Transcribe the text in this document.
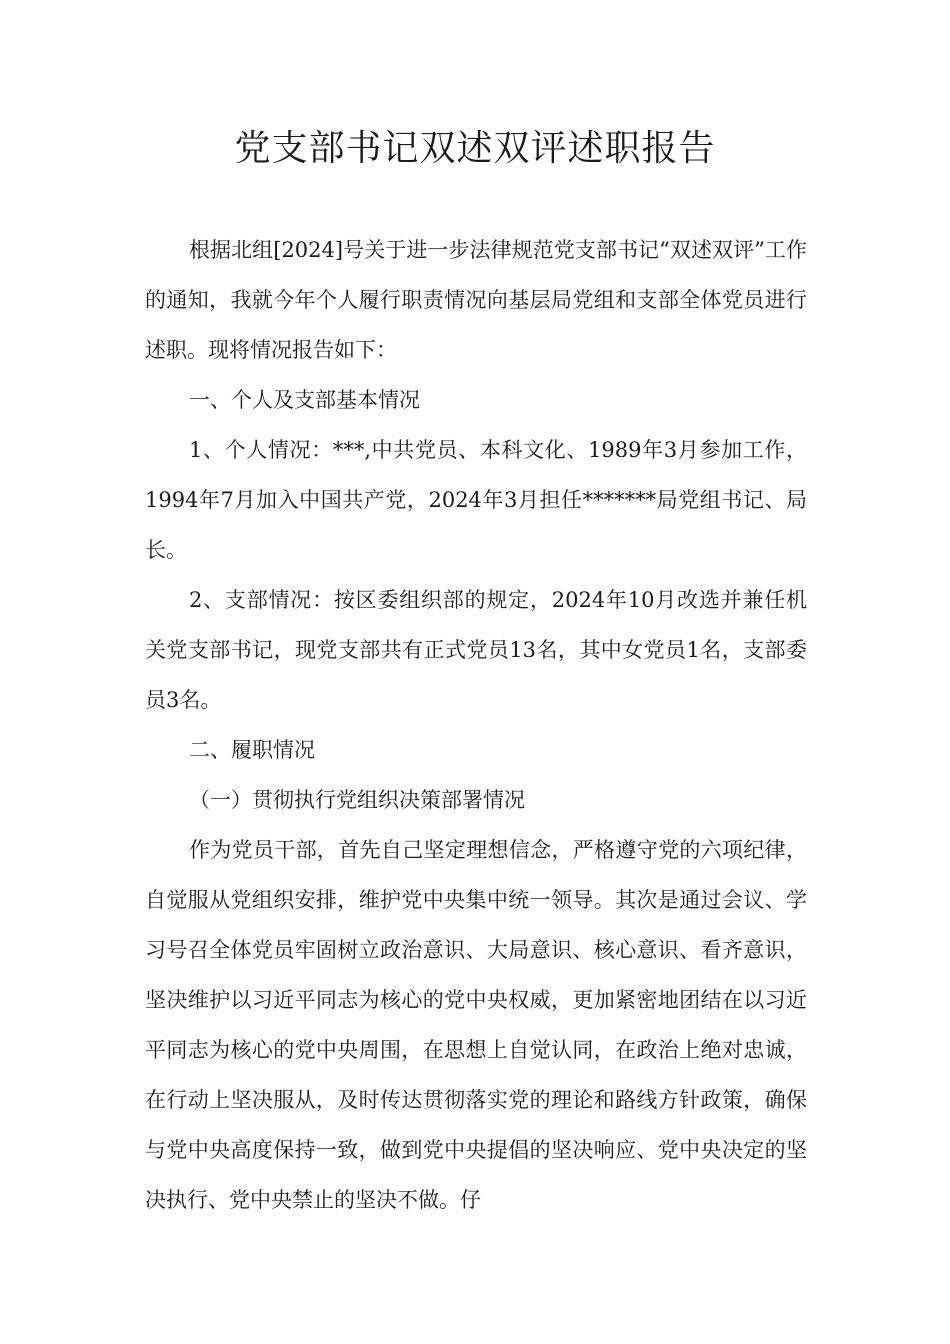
党支部书记双述双评述职报告

根据北组[2024]号关于进一步法律规范党支部书记“双述双评”工作的通知，我就今年个人履行职责情况向基层局党组和支部全体党员进行述职。现将情况报告如下：

一、个人及支部基本情况

1、个人情况：***,中共党员、本科文化、1989年3月参加工作，1994年7月加入中国共产党，2024年3月担任*******局党组书记、局长。

2、支部情况：按区委组织部的规定，2024年10月改选并兼任机关党支部书记，现党支部共有正式党员13名，其中女党员1名，支部委员3名。

二、履职情况

（一）贯彻执行党组织决策部署情况

作为党员干部，首先自己坚定理想信念，严格遵守党的六项纪律，自觉服从党组织安排，维护党中央集中统一领导。其次是通过会议、学习号召全体党员牢固树立政治意识、大局意识、核心意识、看齐意识，坚决维护以习近平同志为核心的党中央权威，更加紧密地团结在以习近平同志为核心的党中央周围，在思想上自觉认同，在政治上绝对忠诚，在行动上坚决服从，及时传达贯彻落实党的理论和路线方针政策，确保与党中央高度保持一致，做到党中央提倡的坚决响应、党中央决定的坚决执行、党中央禁止的坚决不做。仔
